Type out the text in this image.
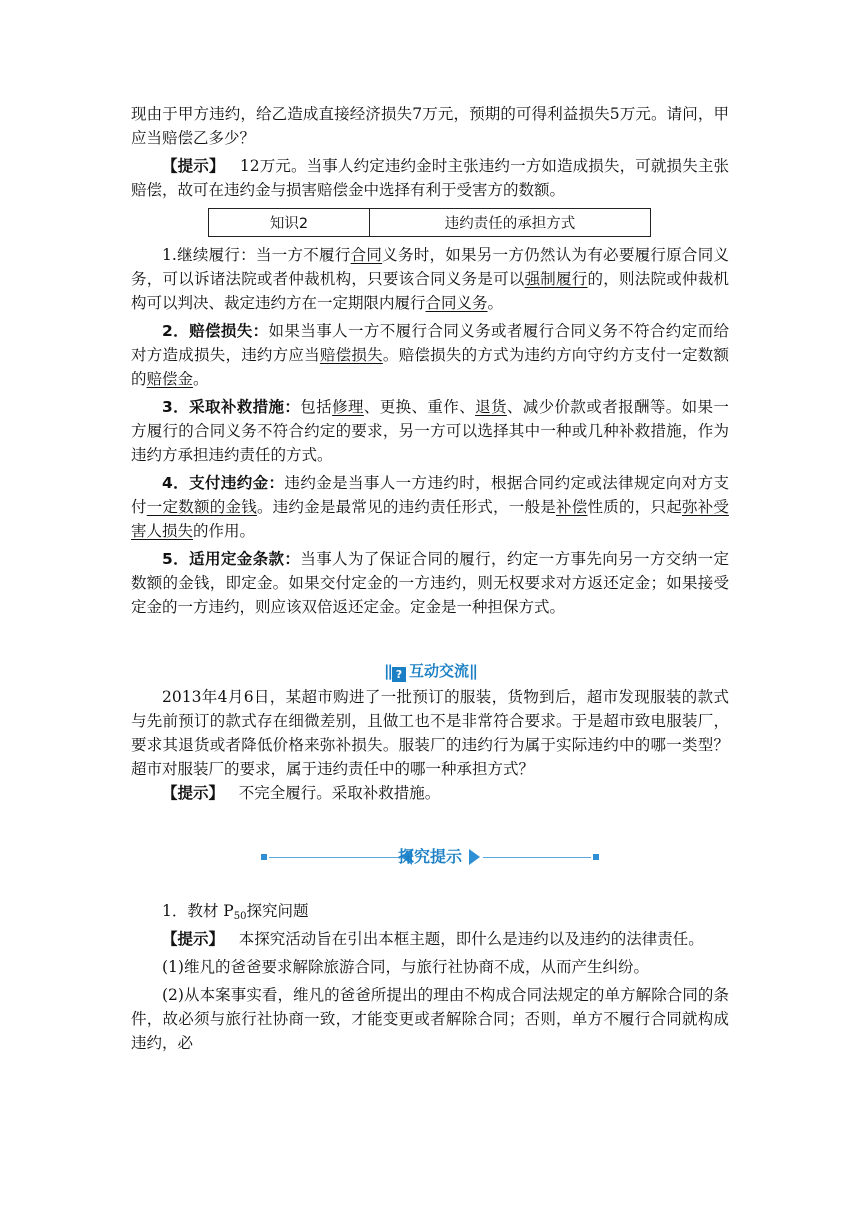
现由于甲方违约，给乙造成直接经济损失7万元，预期的可得利益损失5万元。请问，甲应当赔偿乙多少？

【提示】 12万元。当事人约定违约金时主张违约一方如造成损失，可就损失主张赔偿，故可在违约金与损害赔偿金中选择有利于受害方的数额。

知识2	违约责任的承担方式

1.继续履行：当一方不履行合同义务时，如果另一方仍然认为有必要履行原合同义务，可以诉诸法院或者仲裁机构，只要该合同义务是可以强制履行的，则法院或仲裁机构可以判决、裁定违约方在一定期限内履行合同义务。

2．赔偿损失：如果当事人一方不履行合同义务或者履行合同义务不符合约定而给对方造成损失，违约方应当赔偿损失。赔偿损失的方式为违约方向守约方支付一定数额的赔偿金。

3．采取补救措施：包括修理、更换、重作、退货、减少价款或者报酬等。如果一方履行的合同义务不符合约定的要求，另一方可以选择其中一种或几种补救措施，作为违约方承担违约责任的方式。

4．支付违约金：违约金是当事人一方违约时，根据合同约定或法律规定向对方支付一定数额的金钱。违约金是最常见的违约责任形式，一般是补偿性质的，只起弥补受害人损失的作用。

5．适用定金条款：当事人为了保证合同的履行，约定一方事先向另一方交纳一定数额的金钱，即定金。如果交付定金的一方违约，则无权要求对方返还定金；如果接受定金的一方违约，则应该双倍返还定金。定金是一种担保方式。

|| ? 互动交流||

2013年4月6日，某超市购进了一批预订的服装，货物到后，超市发现服装的款式与先前预订的款式存在细微差别，且做工也不是非常符合要求。于是超市致电服装厂，要求其退货或者降低价格来弥补损失。服装厂的违约行为属于实际违约中的哪一类型？超市对服装厂的要求，属于违约责任中的哪一种承担方式？

【提示】 不完全履行。采取补救措施。

探究提示

1．教材 $P_{50}$探究问题

【提示】 本探究活动旨在引出本框主题，即什么是违约以及违约的法律责任。

(1)维凡的爸爸要求解除旅游合同，与旅行社协商不成，从而产生纠纷。

(2)从本案事实看，维凡的爸爸所提出的理由不构成合同法规定的单方解除合同的条件，故必须与旅行社协商一致，才能变更或者解除合同；否则，单方不履行合同就构成违约，必
